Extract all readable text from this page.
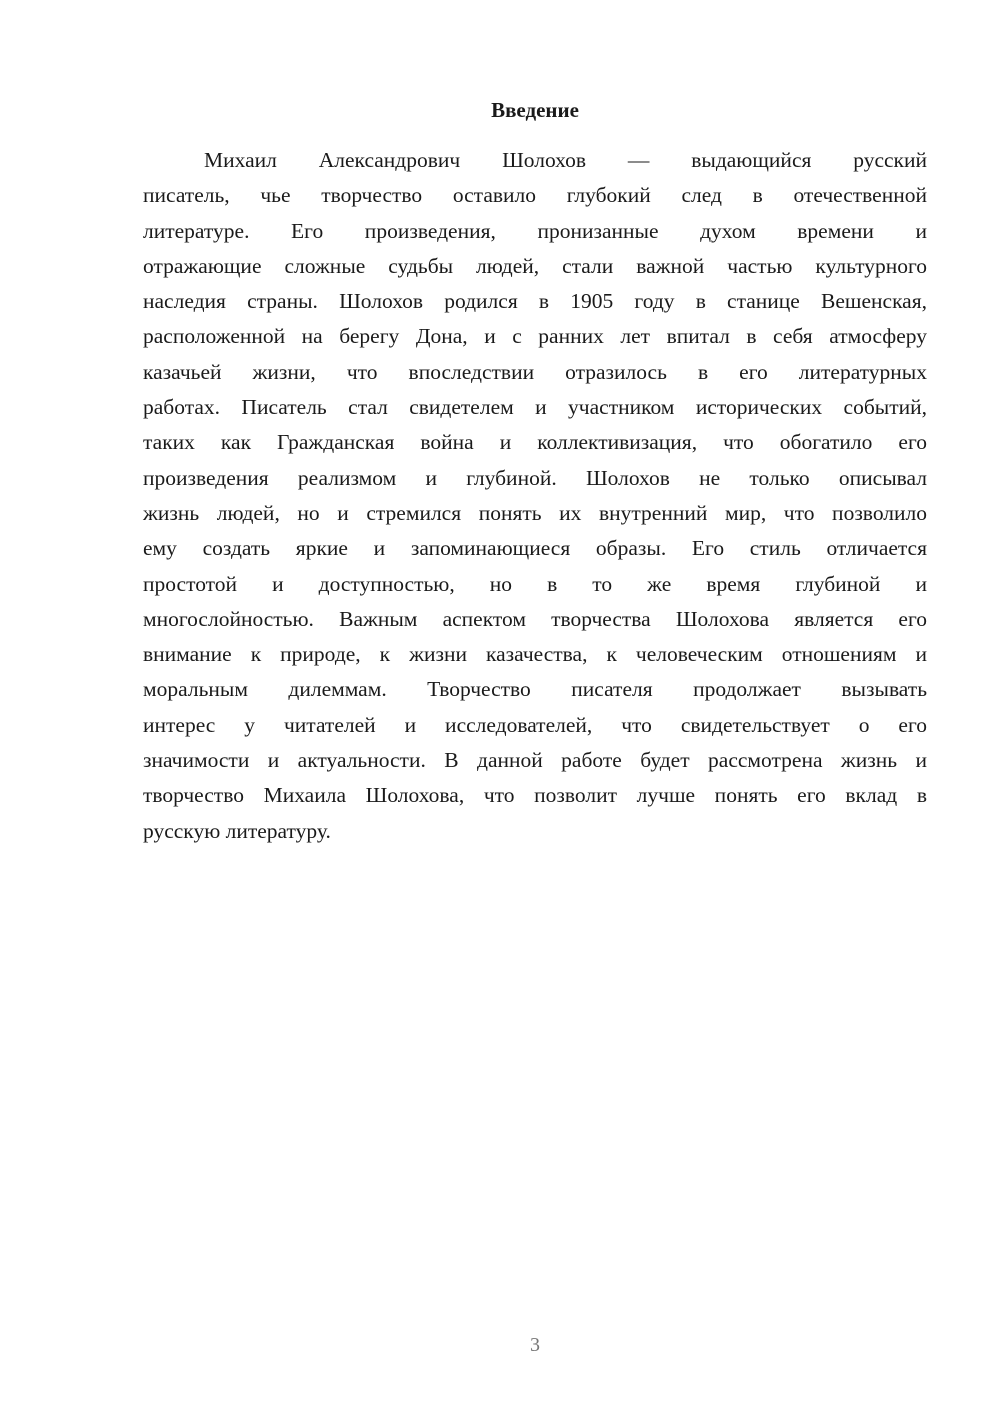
Введение
Михаил Александрович Шолохов — выдающийся русский
писатель, чье творчество оставило глубокий след в отечественной
литературе. Его произведения, пронизанные духом времени и
отражающие сложные судьбы людей, стали важной частью культурного
наследия страны. Шолохов родился в 1905 году в станице Вешенская,
расположенной на берегу Дона, и с ранних лет впитал в себя атмосферу
казачьей жизни, что впоследствии отразилось в его литературных
работах. Писатель стал свидетелем и участником исторических событий,
таких как Гражданская война и коллективизация, что обогатило его
произведения реализмом и глубиной. Шолохов не только описывал
жизнь людей, но и стремился понять их внутренний мир, что позволило
ему создать яркие и запоминающиеся образы. Его стиль отличается
простотой и доступностью, но в то же время глубиной и
многослойностью. Важным аспектом творчества Шолохова является его
внимание к природе, к жизни казачества, к человеческим отношениям и
моральным дилеммам. Творчество писателя продолжает вызывать
интерес у читателей и исследователей, что свидетельствует о его
значимости и актуальности. В данной работе будет рассмотрена жизнь и
творчество Михаила Шолохова, что позволит лучше понять его вклад в
русскую литературу.
3
